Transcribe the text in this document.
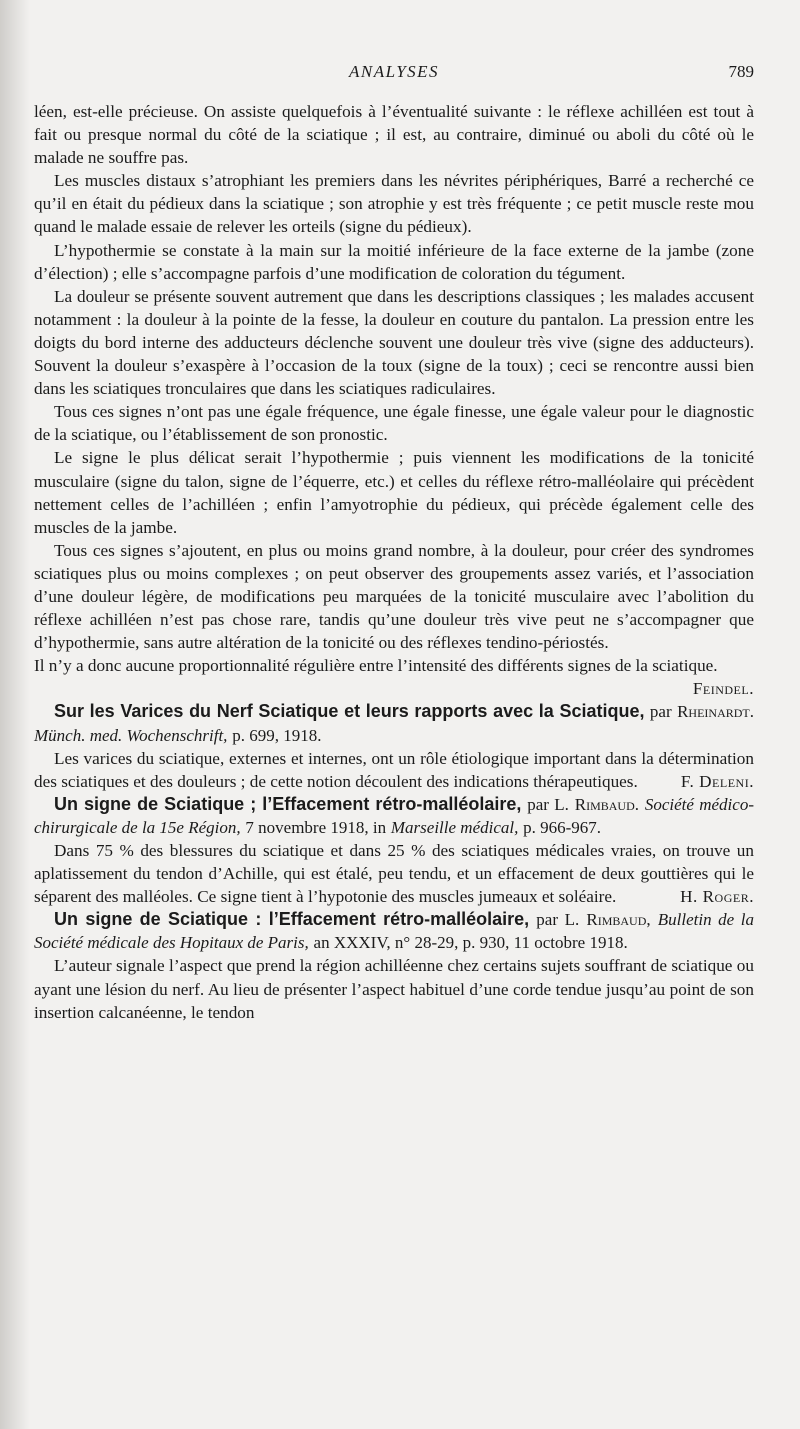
ANALYSES	789

léen, est-elle précieuse. On assiste quelquefois à l’éventualité suivante : le réflexe achilléen est tout à fait ou presque normal du côté de la sciatique ; il est, au contraire, diminué ou aboli du côté où le malade ne souffre pas.

Les muscles distaux s’atrophiant les premiers dans les névrites périphériques, Barré a recherché ce qu’il en était du pédieux dans la sciatique ; son atrophie y est très fréquente ; ce petit muscle reste mou quand le malade essaie de relever les orteils (signe du pédieux).

L’hypothermie se constate à la main sur la moitié inférieure de la face externe de la jambe (zone d’élection) ; elle s’accompagne parfois d’une modification de coloration du tégument.

La douleur se présente souvent autrement que dans les descriptions classiques ; les malades accusent notamment : la douleur à la pointe de la fesse, la douleur en couture du pantalon. La pression entre les doigts du bord interne des adducteurs déclenche souvent une douleur très vive (signe des adducteurs). Souvent la douleur s’exaspère à l’occasion de la toux (signe de la toux) ; ceci se rencontre aussi bien dans les sciatiques tronculaires que dans les sciatiques radiculaires.

Tous ces signes n’ont pas une égale fréquence, une égale finesse, une égale valeur pour le diagnostic de la sciatique, ou l’établissement de son pronostic.

Le signe le plus délicat serait l’hypothermie ; puis viennent les modifications de la tonicité musculaire (signe du talon, signe de l’équerre, etc.) et celles du réflexe rétro-malléolaire qui précèdent nettement celles de l’achilléen ; enfin l’amyotrophie du pédieux, qui précède également celle des muscles de la jambe.

Tous ces signes s’ajoutent, en plus ou moins grand nombre, à la douleur, pour créer des syndromes sciatiques plus ou moins complexes ; on peut observer des groupements assez variés, et l’association d’une douleur légère, de modifications peu marquées de la tonicité musculaire avec l’abolition du réflexe achilléen n’est pas chose rare, tandis qu’une douleur très vive peut ne s’accompagner que d’hypothermie, sans autre altération de la tonicité ou des réflexes tendino-périostés.

Il n’y a donc aucune proportionnalité régulière entre l’intensité des différents signes de la sciatique.
Feindel.

Sur les Varices du Nerf Sciatique et leurs rapports avec la Sciatique, par Rheinardt. Münch. med. Wochenschrift, p. 699, 1918.

Les varices du sciatique, externes et internes, ont un rôle étiologique important dans la détermination des sciatiques et des douleurs ; de cette notion découlent des indications thérapeutiques.	F. Deleni.

Un signe de Sciatique ; l’Effacement rétro-malléolaire, par L. Rimbaud. Société médico-chirurgicale de la 15e Région, 7 novembre 1918, in Marseille médical, p. 966-967.

Dans 75 % des blessures du sciatique et dans 25 % des sciatiques médicales vraies, on trouve un aplatissement du tendon d’Achille, qui est étalé, peu tendu, et un effacement de deux gouttières qui le séparent des malléoles. Ce signe tient à l’hypotonie des muscles jumeaux et soléaire.	H. Roger.

Un signe de Sciatique : l’Effacement rétro-malléolaire, par L. Rimbaud, Bulletin de la Société médicale des Hopitaux de Paris, an XXXIV, n° 28-29, p. 930, 11 octobre 1918.

L’auteur signale l’aspect que prend la région achilléenne chez certains sujets souffrant de sciatique ou ayant une lésion du nerf. Au lieu de présenter l’aspect habituel d’une corde tendue jusqu’au point de son insertion calcanéenne, le tendon
